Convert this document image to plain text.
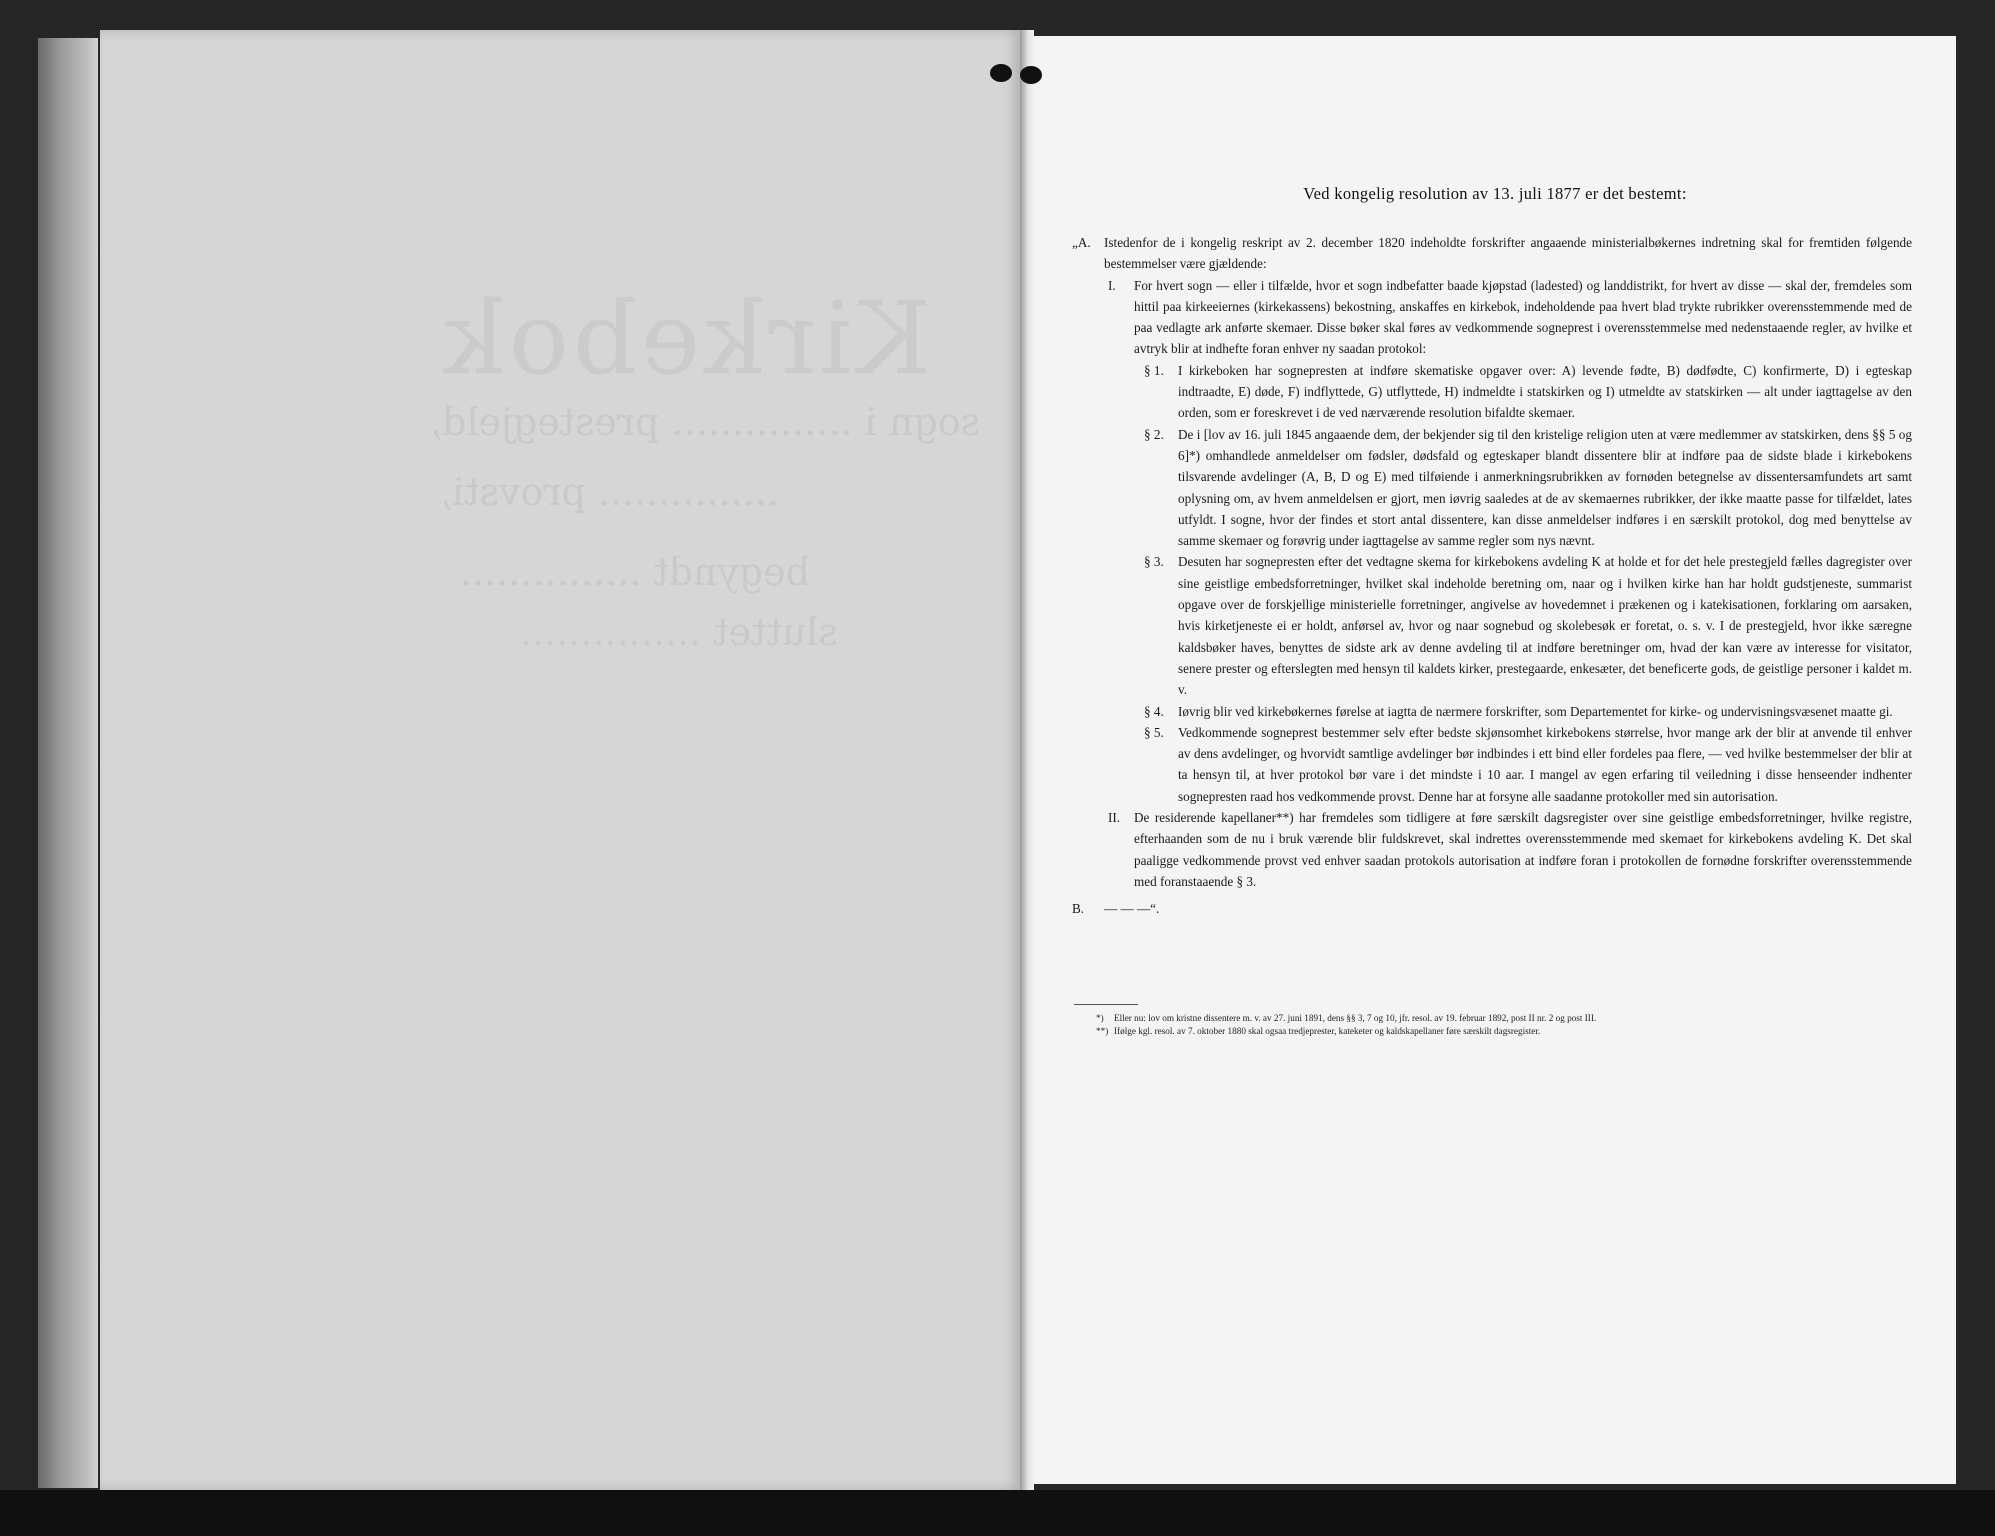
Kirkebok
sogn i ............... prestegjeld,
............... provsti,
begyndt ...............
sluttet ...............
Ved kongelig resolution av 13. juli 1877 er det bestemt:
„A.	Istedenfor de i kongelig reskript av 2. december 1820 indeholdte forskrifter angaaende ministerialbøkernes indretning skal for fremtiden følgende bestemmelser være gjældende:
I.	For hvert sogn — eller i tilfælde, hvor et sogn indbefatter baade kjøpstad (ladested) og landdistrikt, for hvert av disse — skal der, fremdeles som hittil paa kirkeeiernes (kirkekassens) bekostning, anskaffes en kirkebok, indeholdende paa hvert blad trykte rubrikker overensstemmende med de paa vedlagte ark anførte skemaer. Disse bøker skal føres av vedkommende sogneprest i overensstemmelse med nedenstaaende regler, av hvilke et avtryk blir at indhefte foran enhver ny saadan protokol:
§ 1.	I kirkeboken har sognepresten at indføre skematiske opgaver over: A) levende fødte, B) dødfødte, C) konfirmerte, D) i egteskap indtraadte, E) døde, F) indflyttede, G) utflyttede, H) indmeldte i statskirken og I) utmeldte av statskirken — alt under iagttagelse av den orden, som er foreskrevet i de ved nærværende resolution bifaldte skemaer.
§ 2.	De i [lov av 16. juli 1845 angaaende dem, der bekjender sig til den kristelige religion uten at være medlemmer av statskirken, dens §§ 5 og 6]*) omhandlede anmeldelser om fødsler, dødsfald og egteskaper blandt dissentere blir at indføre paa de sidste blade i kirkebokens tilsvarende avdelinger (A, B, D og E) med tilføiende i anmerkningsrubrikken av fornøden betegnelse av dissentersamfundets art samt oplysning om, av hvem anmeldelsen er gjort, men iøvrig saaledes at de av skemaernes rubrikker, der ikke maatte passe for tilfældet, lates utfyldt. I sogne, hvor der findes et stort antal dissentere, kan disse anmeldelser indføres i en særskilt protokol, dog med benyttelse av samme skemaer og forøvrig under iagttagelse av samme regler som nys nævnt.
§ 3.	Desuten har sognepresten efter det vedtagne skema for kirkebokens avdeling K at holde et for det hele prestegjeld fælles dagregister over sine geistlige embedsforretninger, hvilket skal indeholde beretning om, naar og i hvilken kirke han har holdt gudstjeneste, summarist opgave over de forskjellige ministerielle forretninger, angivelse av hovedemnet i prækenen og i katekisationen, forklaring om aarsaken, hvis kirketjeneste ei er holdt, anførsel av, hvor og naar sognebud og skolebesøk er foretat, o. s. v. I de prestegjeld, hvor ikke særegne kaldsbøker haves, benyttes de sidste ark av denne avdeling til at indføre beretninger om, hvad der kan være av interesse for visitator, senere prester og efterslegten med hensyn til kaldets kirker, prestegaarde, enkesæter, det beneficerte gods, de geistlige personer i kaldet m. v.
§ 4.	Iøvrig blir ved kirkebøkernes førelse at iagtta de nærmere forskrifter, som Departementet for kirke- og undervisningsvæsenet maatte gi.
§ 5.	Vedkommende sogneprest bestemmer selv efter bedste skjønsomhet kirkebokens størrelse, hvor mange ark der blir at anvende til enhver av dens avdelinger, og hvorvidt samtlige avdelinger bør indbindes i ett bind eller fordeles paa flere, — ved hvilke bestemmelser der blir at ta hensyn til, at hver protokol bør vare i det mindste i 10 aar. I mangel av egen erfaring til veiledning i disse henseender indhenter sognepresten raad hos vedkommende provst. Denne har at forsyne alle saadanne protokoller med sin autorisation.
II.	De residerende kapellaner**) har fremdeles som tidligere at føre særskilt dagsregister over sine geistlige embedsforretninger, hvilke registre, efterhaanden som de nu i bruk værende blir fuldskrevet, skal indrettes overensstemmende med skemaet for kirkebokens avdeling K. Det skal paaligge vedkommende provst ved enhver saadan protokols autorisation at indføre foran i protokollen de fornødne forskrifter overensstemmende med foranstaaende § 3.
B.	— — —“.
*)	Eller nu: lov om kristne dissentere m. v. av 27. juni 1891, dens §§ 3, 7 og 10, jfr. resol. av 19. februar 1892, post II nr. 2 og post III.
**) Ifølge kgl. resol. av 7. oktober 1880 skal ogsaa tredjeprester, kateketer og kaldskapellaner føre særskilt dagsregister.
